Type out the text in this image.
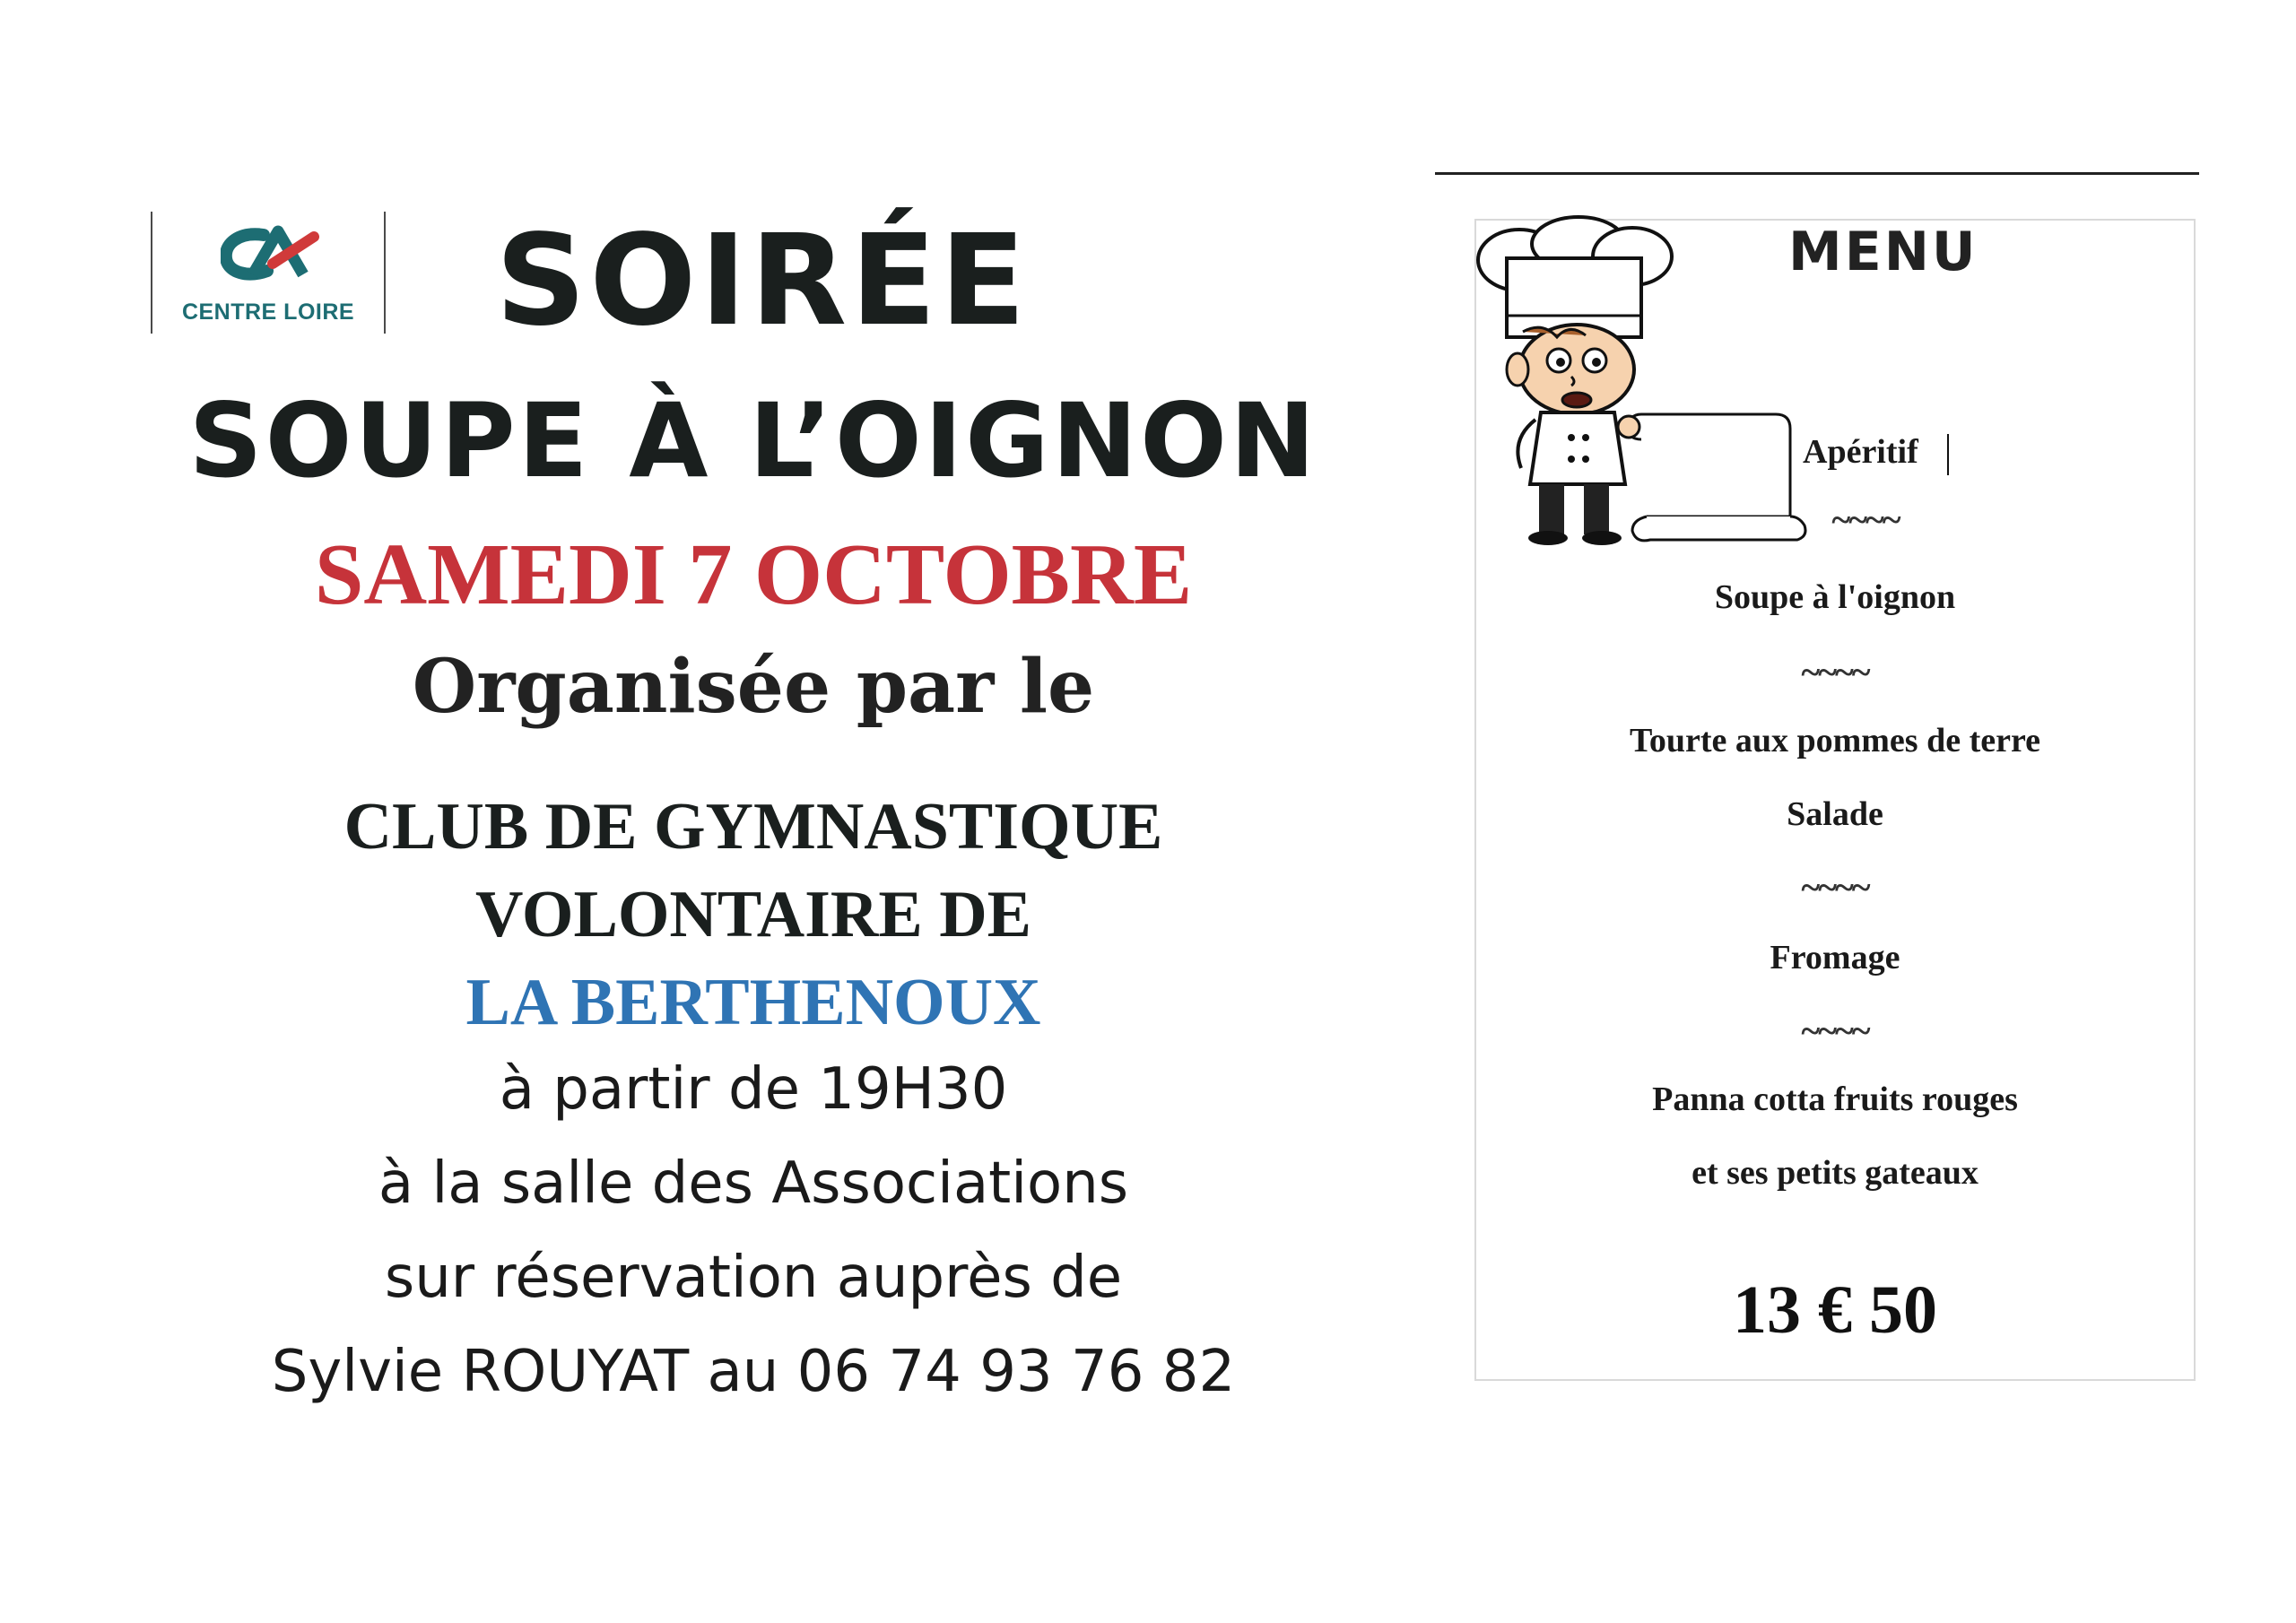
CENTRE LOIRE	SOIRÉE
SOUPE À L’OIGNON
SAMEDI 7 OCTOBRE
Organisée par le
CLUB DE GYMNASTIQUE
VOLONTAIRE DE
LA BERTHENOUX
à partir de 19H30
à la salle des Associations
sur réservation auprès de
Sylvie ROUYAT au 06 74 93 76 82
MENU
Apéritif
~~~~
Soupe à l'oignon
~~~~
Tourte aux pommes de terre
Salade
~~~~
Fromage
~~~~
Panna cotta fruits rouges
et ses petits gateaux
13 € 50
